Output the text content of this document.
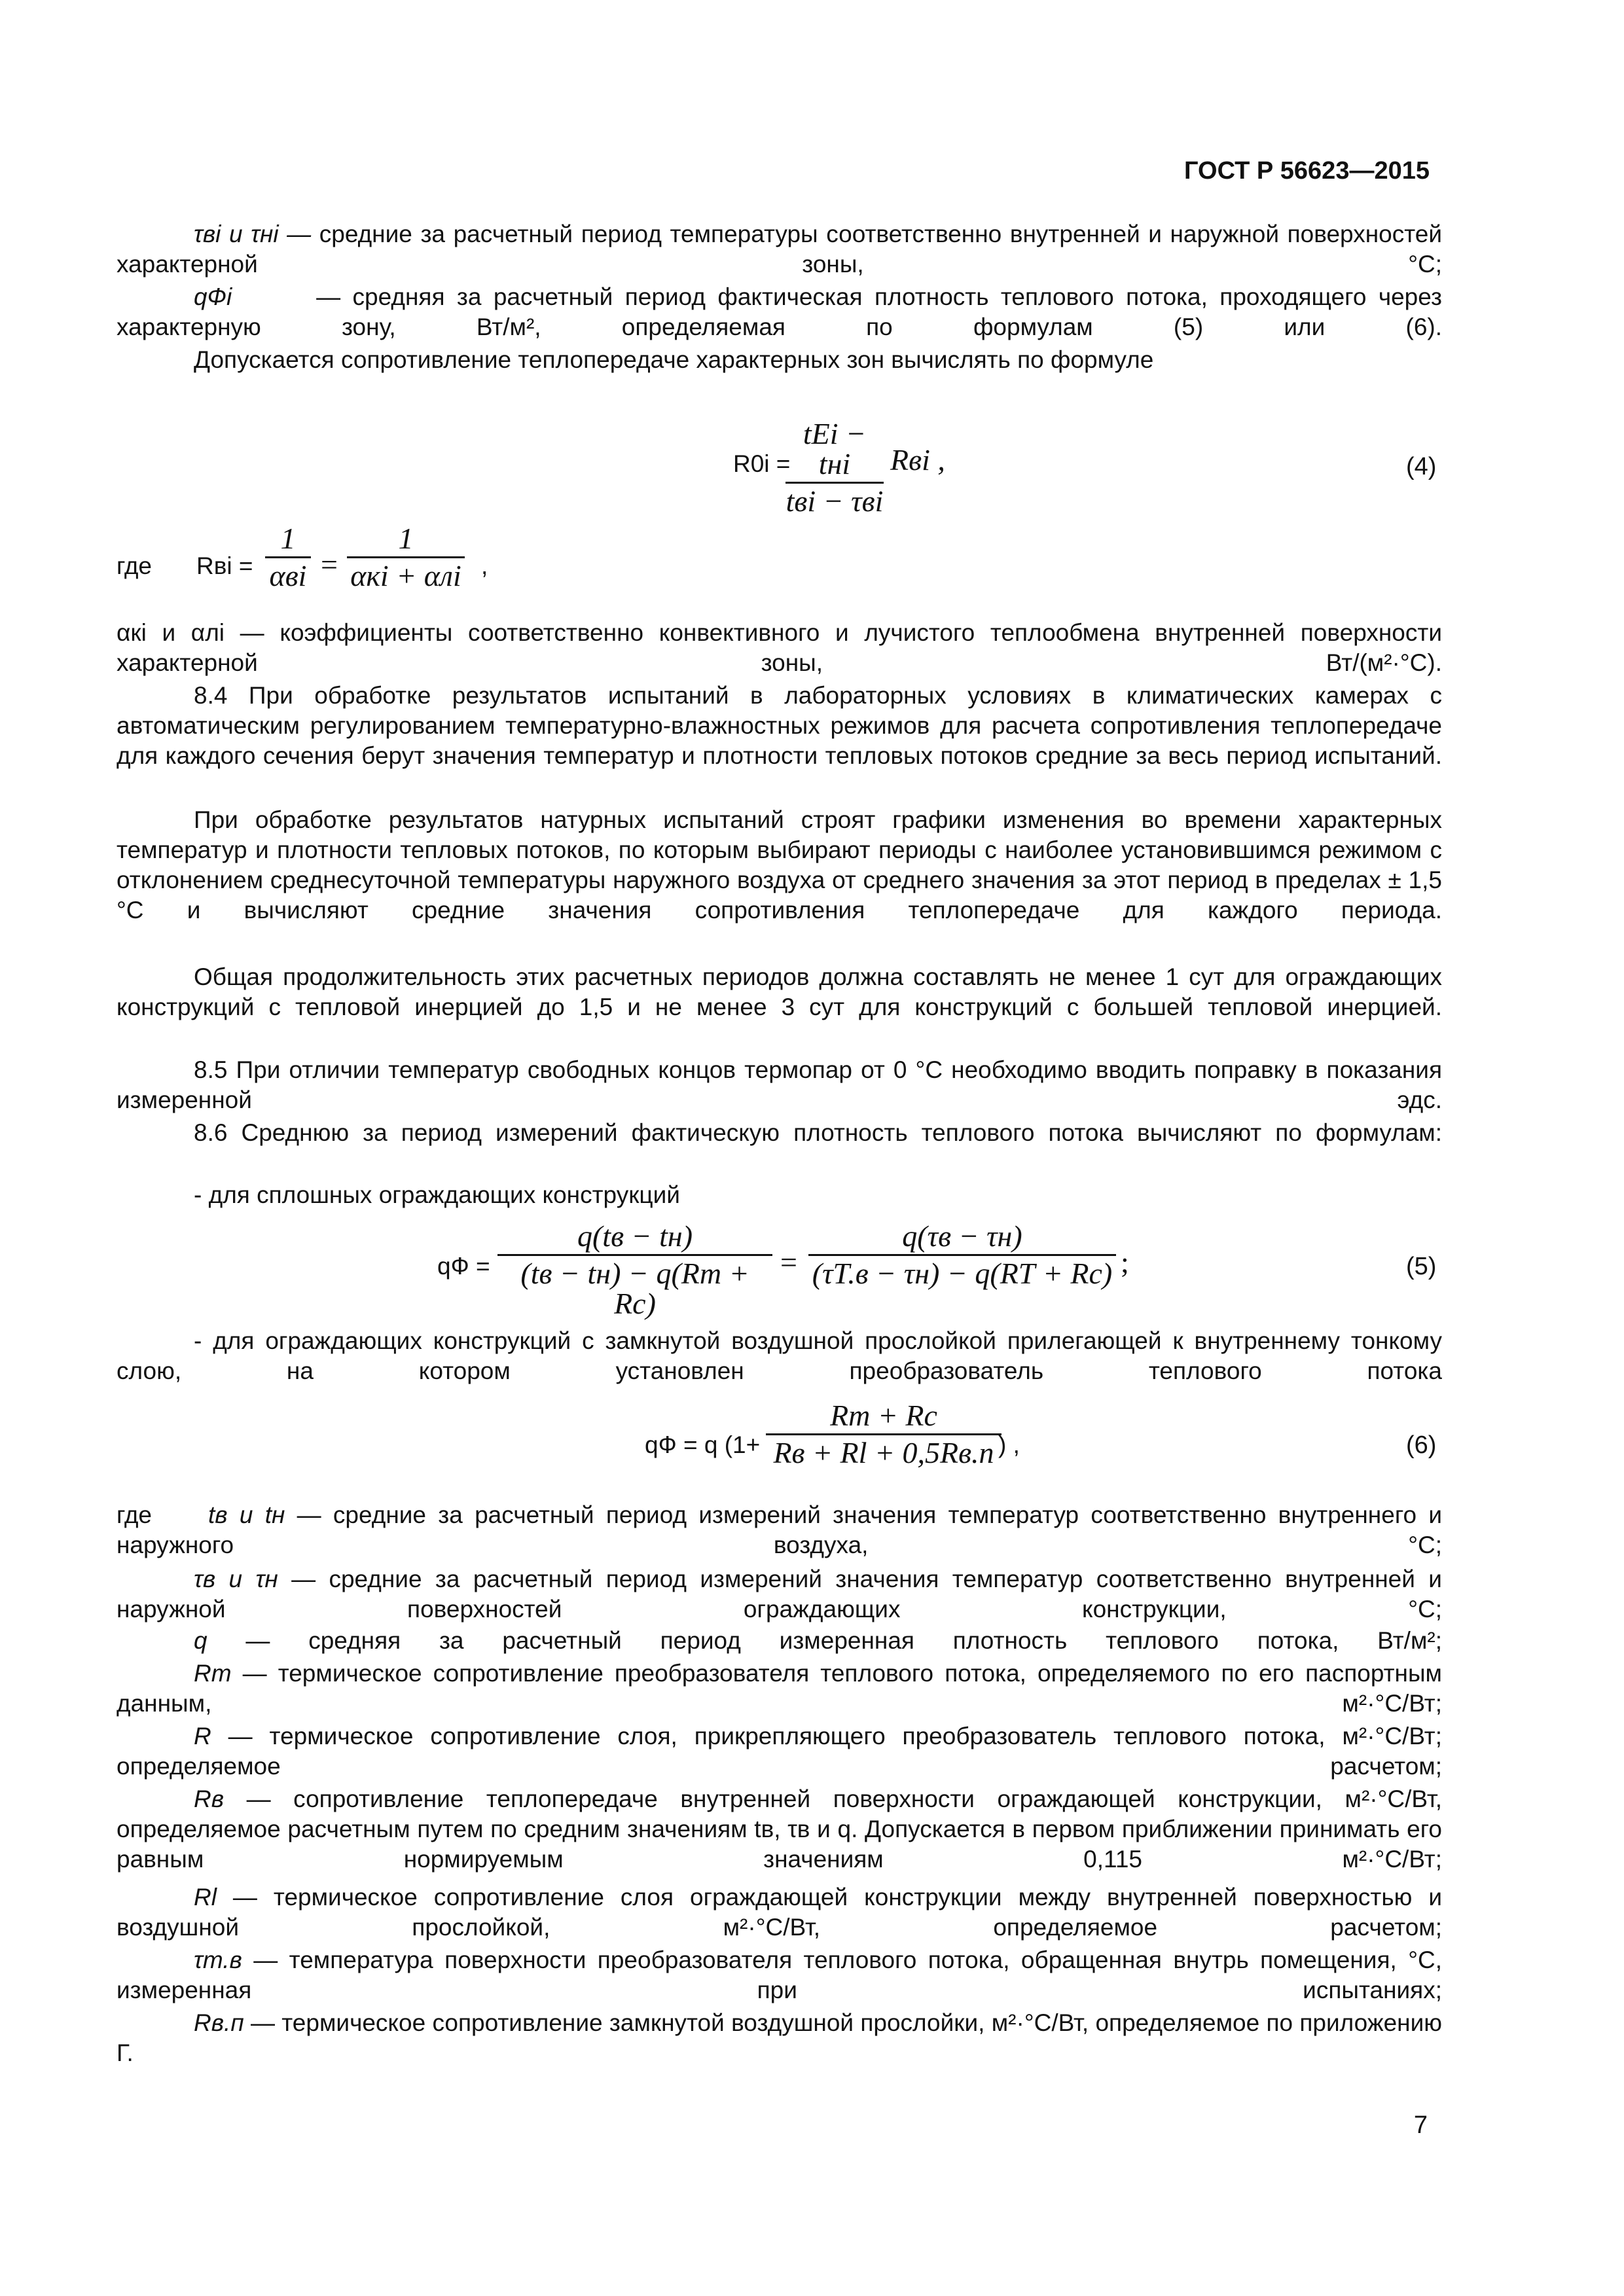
ГОСТ Р 56623—2015

τвi и τнi — средние за расчетный период температуры соответственно внутренней и наружной поверхностей характерной зоны, °С;

qФi	— средняя за расчетный период фактическая плотность теплового потока, проходящего через характерную зону, Вт/м², определяемая по формулам (5) или (6).

Допускается сопротивление теплопередаче характерных зон вычислять по формуле

R0i =
tЕi − tнi
tвi − τвi
Rвi ,	(4)
где Rвi =
1
αвi =
1
αкi + αлi ,

αкi и αлi — коэффициенты соответственно конвективного и лучистого теплообмена внутренней поверхности характерной зоны, Вт/(м²·°С).

8.4 При обработке результатов испытаний в лабораторных условиях в климатических камерах с автоматическим регулированием температурно-влажностных режимов для расчета сопротивления теплопередаче для каждого сечения берут значения температур и плотности тепловых потоков средние за весь период испытаний.

При обработке результатов натурных испытаний строят графики изменения во времени характерных температур и плотности тепловых потоков, по которым выбирают периоды с наиболее установившимся режимом с отклонением среднесуточной температуры наружного воздуха от среднего значения за этот период в пределах ± 1,5 °С и вычисляют средние значения сопротивления теплопередаче для каждого периода.

Общая продолжительность этих расчетных периодов должна составлять не менее 1 сут для ограждающих конструкций с тепловой инерцией до 1,5 и не менее 3 сут для конструкций с большей тепловой инерцией.

8.5 При отличии температур свободных концов термопар от 0 °С необходимо вводить поправку в показания измеренной эдс.

8.6 Среднюю за период измерений фактическую плотность теплового потока вычисляют по формулам:

- для сплошных ограждающих конструкций

qФ =
q(tв − tн)
(tв − tн) − q(Rт + Rс)
=
q(τв − τн)
(τТ.в − τн) − q(RТ + Rс) ;	(5)

- для ограждающих конструкций с замкнутой воздушной прослойкой прилегающей к внутреннему тонкому слою, на котором установлен преобразователь теплового потока

qФ = q (1+
Rт + Rс
Rв + Rl + 0,5Rв.п ) ,	(6)
где	tв и tн — средние за расчетный период измерений значения температур соответственно внутреннего и наружного воздуха, °С;

τв и τн — средние за расчетный период измерений значения температур соответственно внутренней и наружной поверхностей ограждающих конструкции, °С;

q — средняя за расчетный период измеренная плотность теплового потока, Вт/м²;

Rт — термическое сопротивление преобразователя теплового потока, определяемого по его паспортным данным, м²·°С/Вт;

R — термическое сопротивление слоя, прикрепляющего преобразователь теплового потока, м²·°С/Вт; определяемое расчетом;

Rв — сопротивление теплопередаче внутренней поверхности ограждающей конструкции, м²·°С/Вт, определяемое расчетным путем по средним значениям tв, τв и q. Допускается в первом приближении принимать его равным нормируемым значениям 0,115 м²·°С/Вт;

Rl — термическое сопротивление слоя ограждающей конструкции между внутренней поверхностью и воздушной прослойкой, м²·°С/Вт, определяемое расчетом;

τт.в — температура поверхности преобразователя теплового потока, обращенная внутрь помещения, °С, измеренная при испытаниях;

Rв.п — термическое сопротивление замкнутой воздушной прослойки, м²·°С/Вт, определяемое по приложению Г.

7
